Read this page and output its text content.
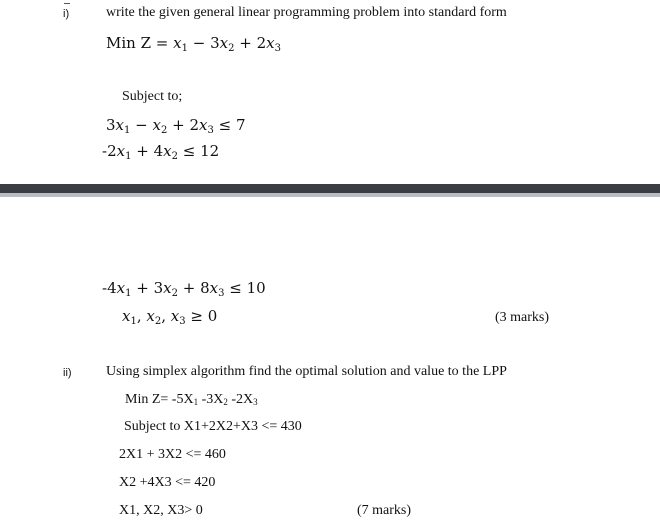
i)	write the given general linear programming problem into standard form
Min $Z = x_1 - 3x_2 + 2x_3$
Subject to;
$3x_1 - x_2 + 2x_3 \le 7$
$-2x_1 + 4x_2 \le 12$
$-4x_1 + 3x_2 + 8x_3 \le 10$
$x_1$, $x_2$, $x_3 \ge 0$	(3 marks)
ii) Using simplex algorithm find the optimal solution and value to the LPP
Min $Z= -5X_1$ $-3X_2$ $-2X_3$
Subject to X1+2X2+X3 <= 430
2X1 + 3X2 <= 460
X2 +4X3 <= 420
X1, X2, X3> 0	(7 marks)
